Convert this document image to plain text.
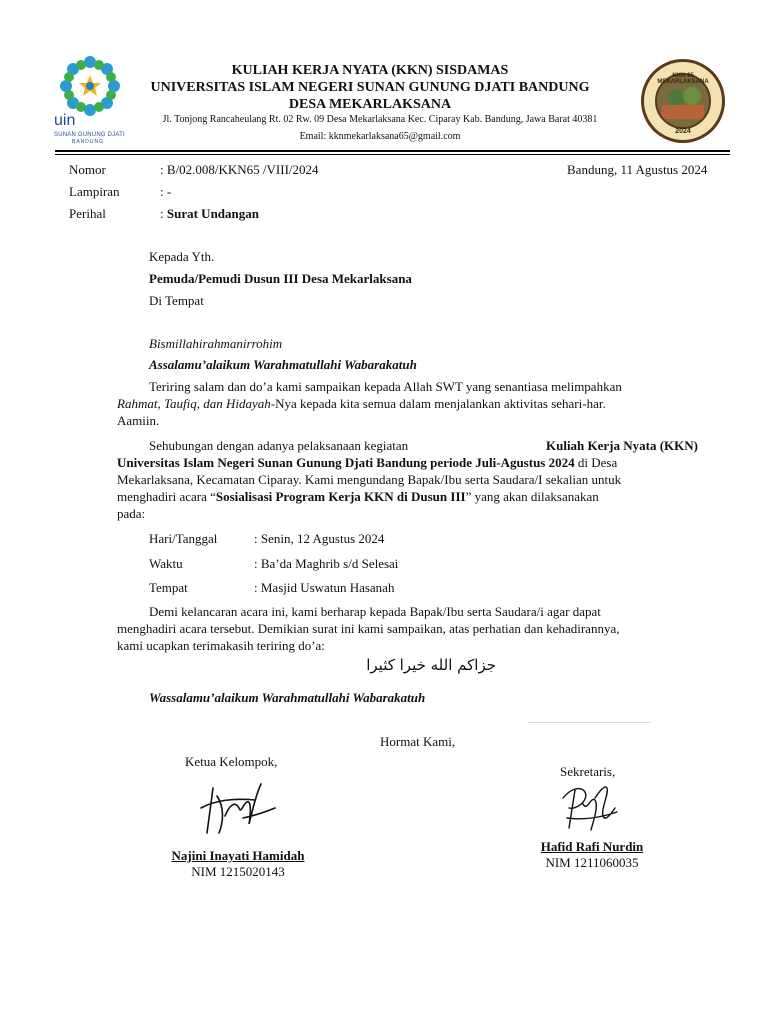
uin
SUNAN GUNUNG DJATI
BANDUNG
KKN 65 MEKARLAKSANA
2024
KULIAH KERJA NYATA (KKN) SISDAMAS
UNIVERSITAS ISLAM NEGERI SUNAN GUNUNG DJATI BANDUNG
DESA MEKARLAKSANA
Jl. Tonjong Rancaheulang Rt. 02 Rw. 09 Desa Mekarlaksana Kec. Ciparay Kab. Bandung, Jawa Barat 40381
Email: kknmekarlaksana65@gmail.com
Nomor	: B/02.008/KKN65 /VIII/2024	Bandung, 11 Agustus 2024
Lampiran	: -
Perihal	: Surat Undangan
Kepada Yth.
Pemuda/Pemudi Dusun III Desa Mekarlaksana
Di Tempat
Bismillahirahmanirrohim
Assalamu’alaikum Warahmatullahi Wabarakatuh
Teriring salam dan do’a kami sampaikan kepada Allah SWT yang senantiasa melimpahkan
Rahmat, Taufiq, dan Hidayah-Nya kepada kita semua dalam menjalankan aktivitas sehari-har.
Aamiin.
Sehubungan dengan adanya pelaksanaan kegiatan	Kuliah Kerja Nyata (KKN)
Universitas Islam Negeri Sunan Gunung Djati Bandung periode Juli-Agustus 2024 di Desa
Mekarlaksana, Kecamatan Ciparay. Kami mengundang Bapak/Ibu serta Saudara/I sekalian untuk
menghadiri acara “Sosialisasi Program Kerja KKN di Dusun III” yang akan dilaksanakan
pada:
Hari/Tanggal	: Senin, 12 Agustus 2024
Waktu	: Ba’da Maghrib s/d Selesai
Tempat	: Masjid Uswatun Hasanah
Demi kelancaran acara ini, kami berharap kepada Bapak/Ibu serta Saudara/i agar dapat
menghadiri acara tersebut. Demikian surat ini kami sampaikan, atas perhatian dan kehadirannya,
kami ucapkan terimakasih teriring do’a:
جزاكم الله خيرا كثيرا
Wassalamu’alaikum Warahmatullahi Wabarakatuh
Hormat Kami,
Ketua Kelompok,
Sekretaris,
Najini Inayati Hamidah
NIM 1215020143
Hafid Rafi Nurdin
NIM 1211060035
